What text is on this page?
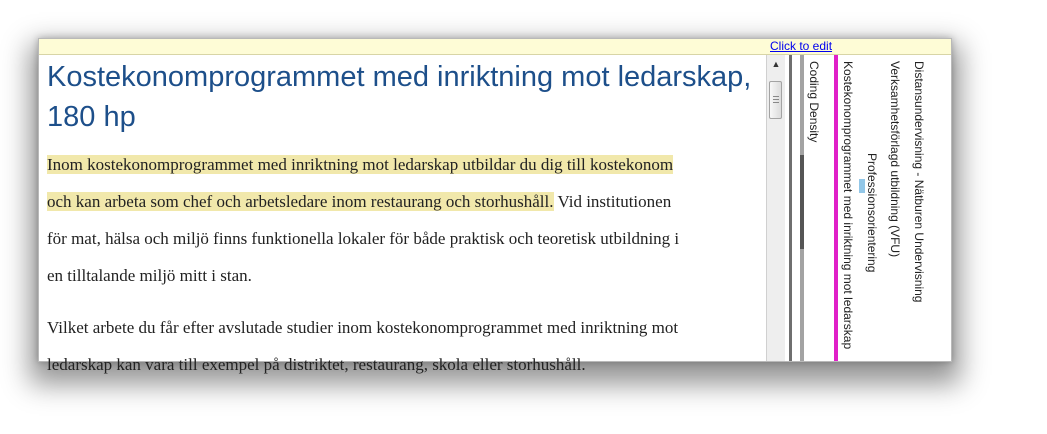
Click to edit
Kostekonomprogrammet med inriktning mot ledarskap, 180 hp

Inom kostekonomprogrammet med inriktning mot ledarskap utbildar du dig till kostekonom
och kan arbeta som chef och arbetsledare inom restaurang och storhushåll. Vid institutionen
för mat, hälsa och miljö finns funktionella lokaler för både praktisk och teoretisk utbildning i
en tilltalande miljö mitt i stan.

Vilket arbete du får efter avslutade studier inom kostekonomprogrammet med inriktning mot
ledarskap kan vara till exempel på distriktet, restaurang, skola eller storhushåll.

▲	Coding Density Kostekonomprogrammet med inriktning mot ledarskap Professionsorientering Verksamhetsförlagd utbildning (VFU) Distansundervisning - Nätburen Undervisning
